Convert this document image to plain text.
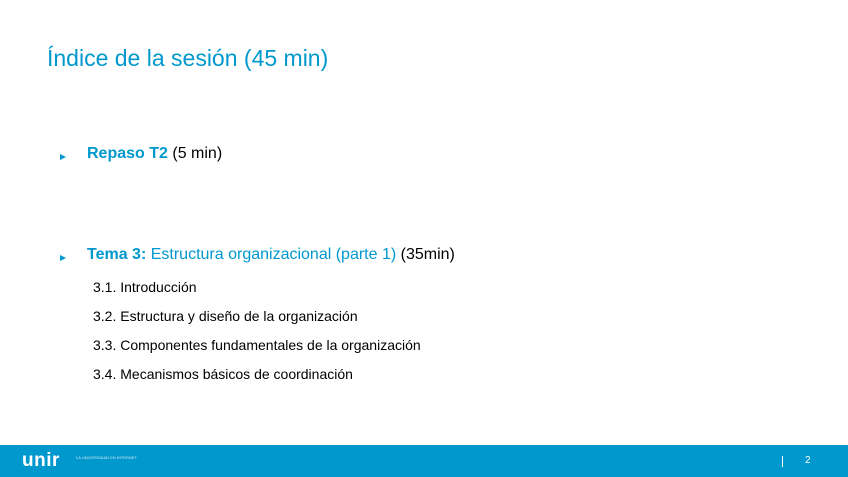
Índice de la sesión (45 min)
Repaso T2 (5 min)
Tema 3: Estructura organizacional (parte 1) (35min)
3.1. Introducción
3.2. Estructura y diseño de la organización
3.3. Componentes fundamentales de la organización
3.4. Mecanismos básicos de coordinación
unir	LA UNIVERSIDAD EN INTERNET	2
